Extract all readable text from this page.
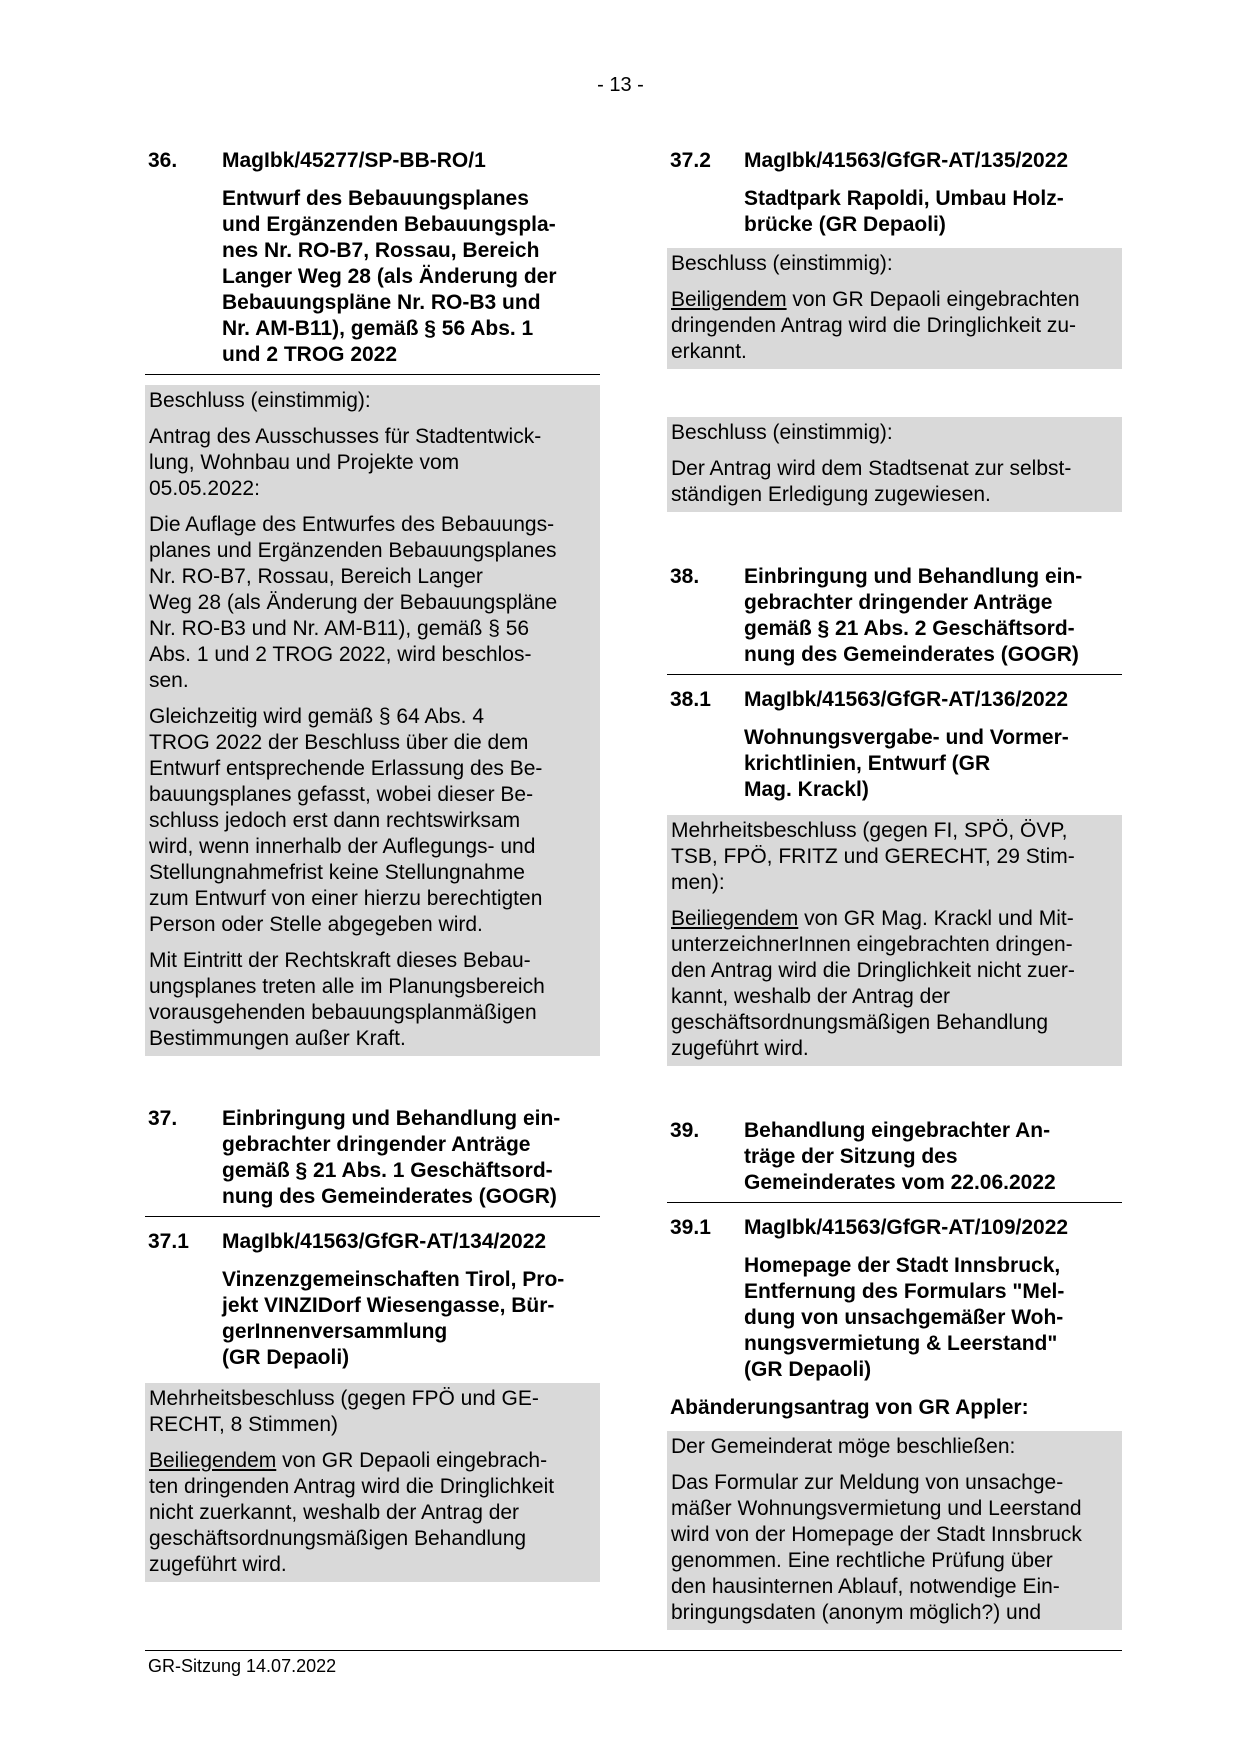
- 13 -
36.	MagIbk/45277/SP-BB-RO/1
Entwurf des Bebauungsplanes
und Ergänzenden Bebauungspla-
nes Nr. RO-B7, Rossau, Bereich
Langer Weg 28 (als Änderung der
Bebauungspläne Nr. RO-B3 und
Nr. AM-B11), gemäß § 56 Abs. 1
und 2 TROG 2022

Beschluss (einstimmig):

Antrag des Ausschusses für Stadtentwick-
lung, Wohnbau und Projekte vom
05.05.2022:

Die Auflage des Entwurfes des Bebauungs-
planes und Ergänzenden Bebauungsplanes
Nr. RO-B7, Rossau, Bereich Langer
Weg 28 (als Änderung der Bebauungspläne
Nr. RO-B3 und Nr. AM-B11), gemäß § 56
Abs. 1 und 2 TROG 2022, wird beschlos-
sen.

Gleichzeitig wird gemäß § 64 Abs. 4
TROG 2022 der Beschluss über die dem
Entwurf entsprechende Erlassung des Be-
bauungsplanes gefasst, wobei dieser Be-
schluss jedoch erst dann rechtswirksam
wird, wenn innerhalb der Auflegungs- und
Stellungnahmefrist keine Stellungnahme
zum Entwurf von einer hierzu berechtigten
Person oder Stelle abgegeben wird.

Mit Eintritt der Rechtskraft dieses Bebau-
ungsplanes treten alle im Planungsbereich
vorausgehenden bebauungsplanmäßigen
Bestimmungen außer Kraft.

37.	Einbringung und Behandlung ein-
gebrachter dringender Anträge
gemäß § 21 Abs. 1 Geschäftsord-
nung des Gemeinderates (GOGR)
37.1	MagIbk/41563/GfGR-AT/134/2022
Vinzenzgemeinschaften Tirol, Pro-
jekt VINZIDorf Wiesengasse, Bür-
gerInnenversammlung
(GR Depaoli)

Mehrheitsbeschluss (gegen FPÖ und GE-
RECHT, 8 Stimmen)

Beiliegendem von GR Depaoli eingebrach-
ten dringenden Antrag wird die Dringlichkeit
nicht zuerkannt, weshalb der Antrag der
geschäftsordnungsmäßigen Behandlung
zugeführt wird.

37.2	MagIbk/41563/GfGR-AT/135/2022
Stadtpark Rapoldi, Umbau Holz-
brücke (GR Depaoli)

Beschluss (einstimmig):

Beiligendem von GR Depaoli eingebrachten
dringenden Antrag wird die Dringlichkeit zu-
erkannt.

Beschluss (einstimmig):

Der Antrag wird dem Stadtsenat zur selbst-
ständigen Erledigung zugewiesen.

38.	Einbringung und Behandlung ein-
gebrachter dringender Anträge
gemäß § 21 Abs. 2 Geschäftsord-
nung des Gemeinderates (GOGR)
38.1	MagIbk/41563/GfGR-AT/136/2022
Wohnungsvergabe- und Vormer-
krichtlinien, Entwurf (GR
Mag. Krackl)

Mehrheitsbeschluss (gegen FI, SPÖ, ÖVP,
TSB, FPÖ, FRITZ und GERECHT, 29 Stim-
men):

Beiliegendem von GR Mag. Krackl und Mit-
unterzeichnerInnen eingebrachten dringen-
den Antrag wird die Dringlichkeit nicht zuer-
kannt, weshalb der Antrag der
geschäftsordnungsmäßigen Behandlung
zugeführt wird.

39.	Behandlung eingebrachter An-
träge der Sitzung des
Gemeinderates vom 22.06.2022
39.1	MagIbk/41563/GfGR-AT/109/2022
Homepage der Stadt Innsbruck,
Entfernung des Formulars "Mel-
dung von unsachgemäßer Woh-
nungsvermietung & Leerstand"
(GR Depaoli)
Abänderungsantrag von GR Appler:

Der Gemeinderat möge beschließen:

Das Formular zur Meldung von unsachge-
mäßer Wohnungsvermietung und Leerstand
wird von der Homepage der Stadt Innsbruck
genommen. Eine rechtliche Prüfung über
den hausinternen Ablauf, notwendige Ein-
bringungsdaten (anonym möglich?) und

GR-Sitzung 14.07.2022
